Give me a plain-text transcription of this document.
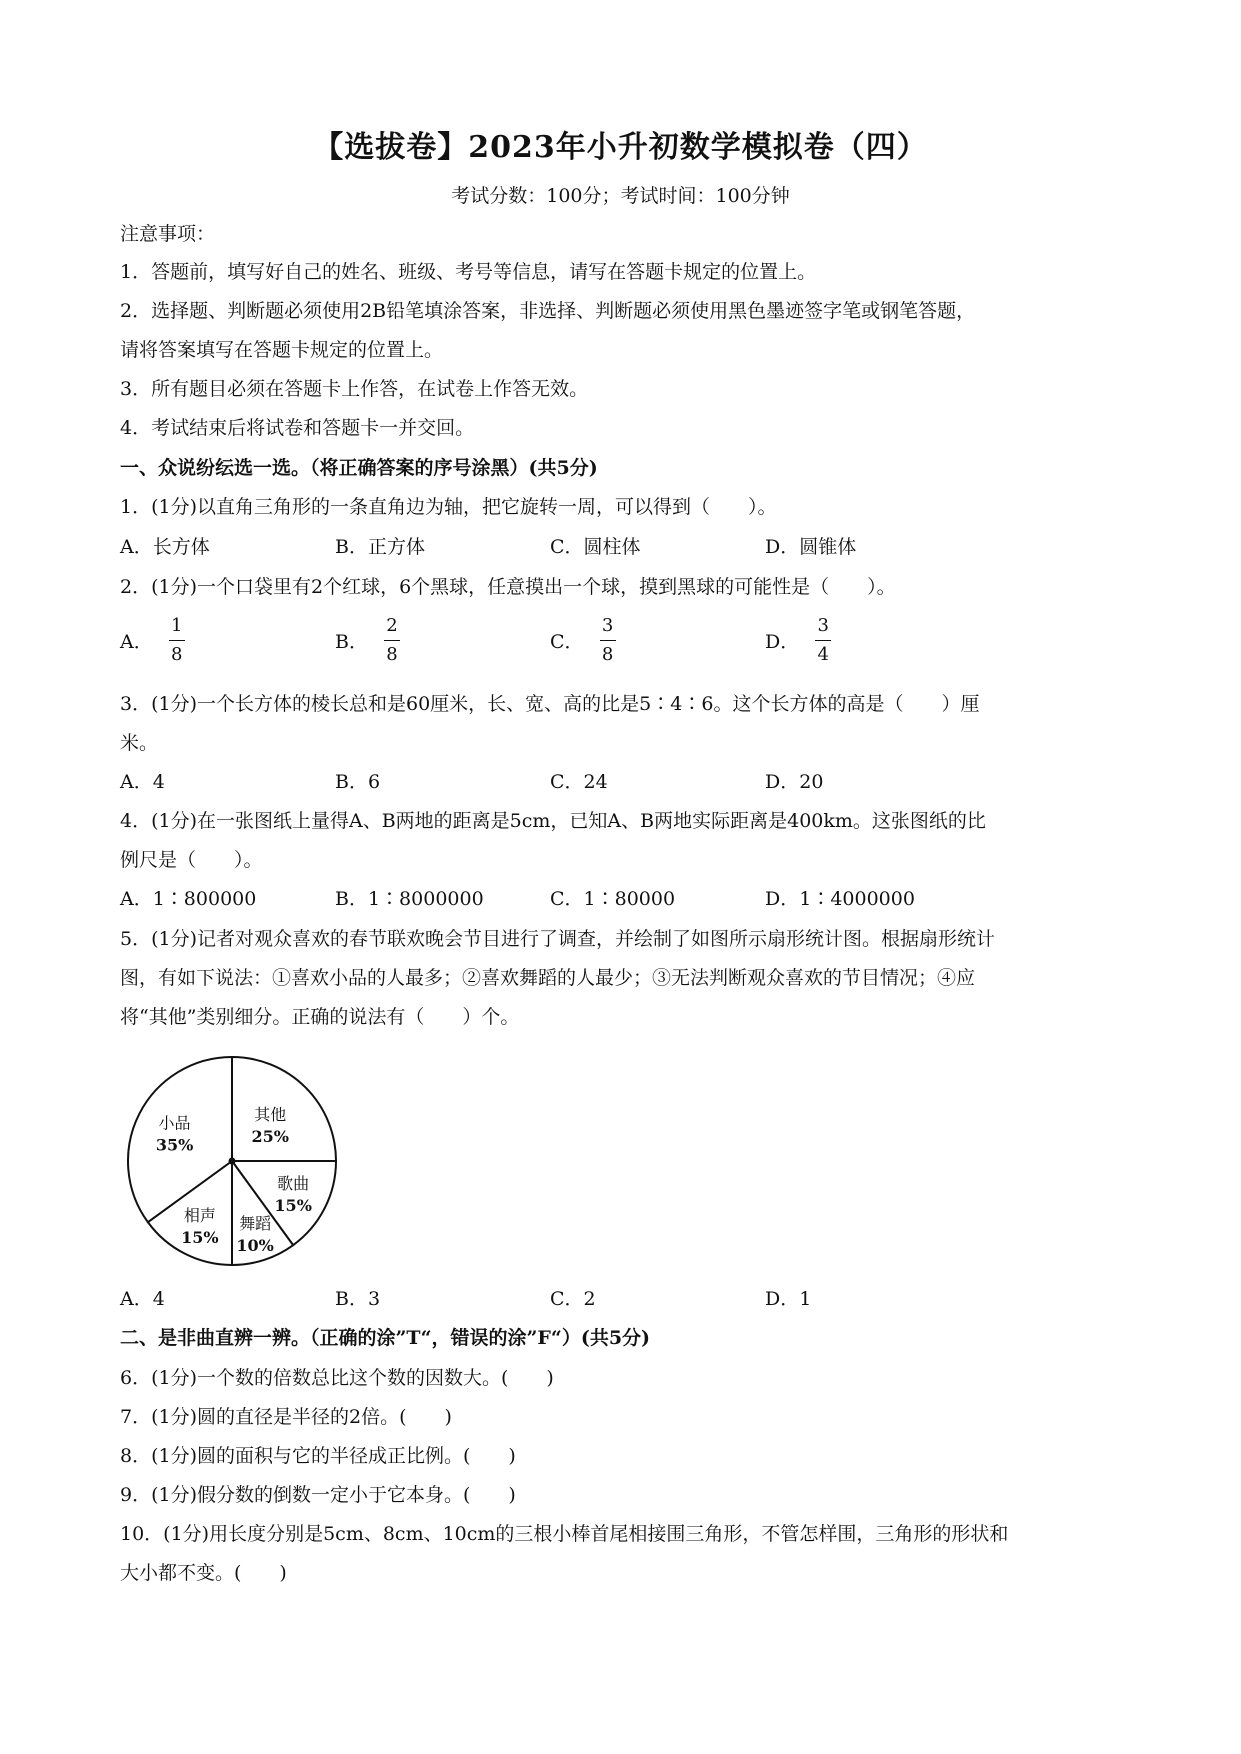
【选拔卷】2023年小升初数学模拟卷（四）
考试分数：100分；考试时间：100分钟
注意事项：
1．答题前，填写好自己的姓名、班级、考号等信息，请写在答题卡规定的位置上。
2．选择题、判断题必须使用2B铅笔填涂答案，非选择、判断题必须使用黑色墨迹签字笔或钢笔答题，
请将答案填写在答题卡规定的位置上。
3．所有题目必须在答题卡上作答，在试卷上作答无效。
4．考试结束后将试卷和答题卡一并交回。
一、众说纷纭选一选。（将正确答案的序号涂黑）(共5分)
1．(1分)以直角三角形的一条直角边为轴，把它旋转一周，可以得到（　　）。
A．长方体	B．正方体	C．圆柱体	D．圆锥体
2．(1分)一个口袋里有2个红球，6个黑球，任意摸出一个球，摸到黑球的可能性是（　　）。
A． $\frac{1}{8}$	B． $\frac{2}{8}$	C． $\frac{3}{8}$	D． $\frac{3}{4}$
3．(1分)一个长方体的棱长总和是60厘米，长、宽、高的比是5∶4∶6。这个长方体的高是（　　）厘
米。
A．4	B．6	C．24	D．20
4．(1分)在一张图纸上量得A、B两地的距离是5cm，已知A、B两地实际距离是400km。这张图纸的比
例尺是（　　）。
A．1∶800000	B．1∶8000000	C．1∶80000	D．1∶4000000
5．(1分)记者对观众喜欢的春节联欢晚会节目进行了调查，并绘制了如图所示扇形统计图。根据扇形统计
图，有如下说法：①喜欢小品的人最多；②喜欢舞蹈的人最少；③无法判断观众喜欢的节目情况；④应
将“其他”类别细分。正确的说法有（　　）个。
其他
25%
歌曲
15%
舞蹈
10%
相声
15%
小品
35%
A．4	B．3	C．2	D．1
二、是非曲直辨一辨。（正确的涂”T“，错误的涂”F“）(共5分)
6．(1分)一个数的倍数总比这个数的因数大。(　　)
7．(1分)圆的直径是半径的2倍。(　　)
8．(1分)圆的面积与它的半径成正比例。(　　)
9．(1分)假分数的倒数一定小于它本身。(　　)
10．(1分)用长度分别是5cm、8cm、10cm的三根小棒首尾相接围三角形，不管怎样围，三角形的形状和
大小都不变。(　　)
